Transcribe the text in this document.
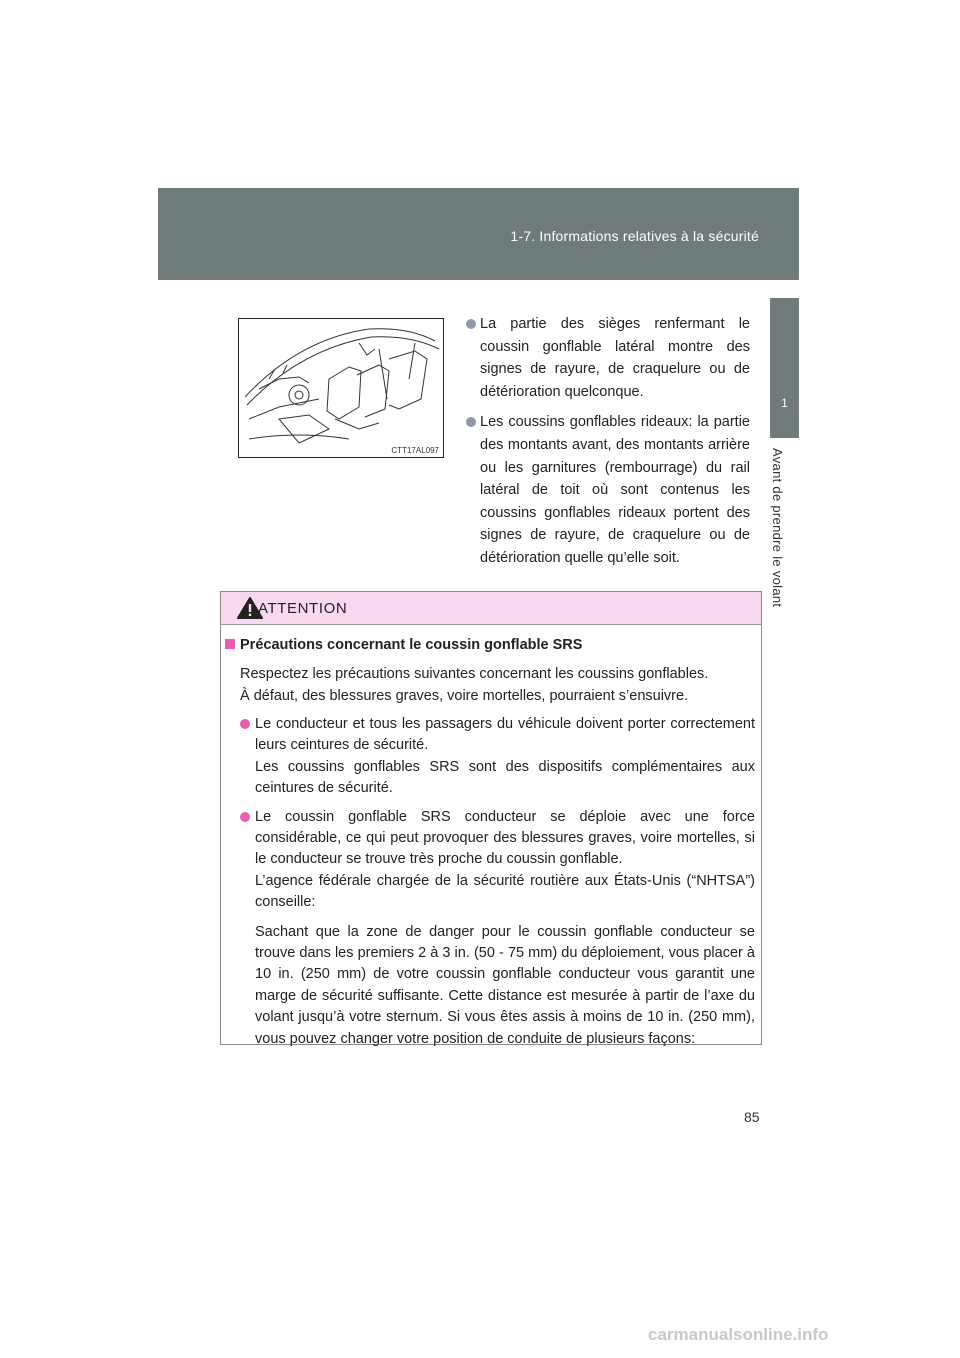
1-7. Informations relatives à la sécurité
1
Avant de prendre le volant
CTT17AL097
La partie des sièges renfermant le coussin gonflable latéral montre des signes de rayure, de craquelure ou de détérioration quelconque.
Les coussins gonflables rideaux: la partie des montants avant, des montants arrière ou les garnitures (rembourrage) du rail latéral de toit où sont contenus les coussins gonflables rideaux portent des signes de rayure, de craquelure ou de détérioration quelle qu’elle soit.
ATTENTION
Précautions concernant le coussin gonflable SRS
Respectez les précautions suivantes concernant les coussins gonflables.
À défaut, des blessures graves, voire mortelles, pourraient s’ensuivre.

Le conducteur et tous les passagers du véhicule doivent porter correctement leurs ceintures de sécurité.

Les coussins gonflables SRS sont des dispositifs complémentaires aux ceintures de sécurité.

Le coussin gonflable SRS conducteur se déploie avec une force considérable, ce qui peut provoquer des blessures graves, voire mortelles, si le conducteur se trouve très proche du coussin gonflable.

L’agence fédérale chargée de la sécurité routière aux États-Unis (“NHTSA”) conseille:

Sachant que la zone de danger pour le coussin gonflable conducteur se trouve dans les premiers 2 à 3 in. (50 - 75 mm) du déploiement, vous placer à 10 in. (250 mm) de votre coussin gonflable conducteur vous garantit une marge de sécurité suffisante. Cette distance est mesurée à partir de l’axe du volant jusqu’à votre sternum. Si vous êtes assis à moins de 10 in. (250 mm), vous pouvez changer votre position de conduite de plusieurs façons:

85
carmanualsonline.info
